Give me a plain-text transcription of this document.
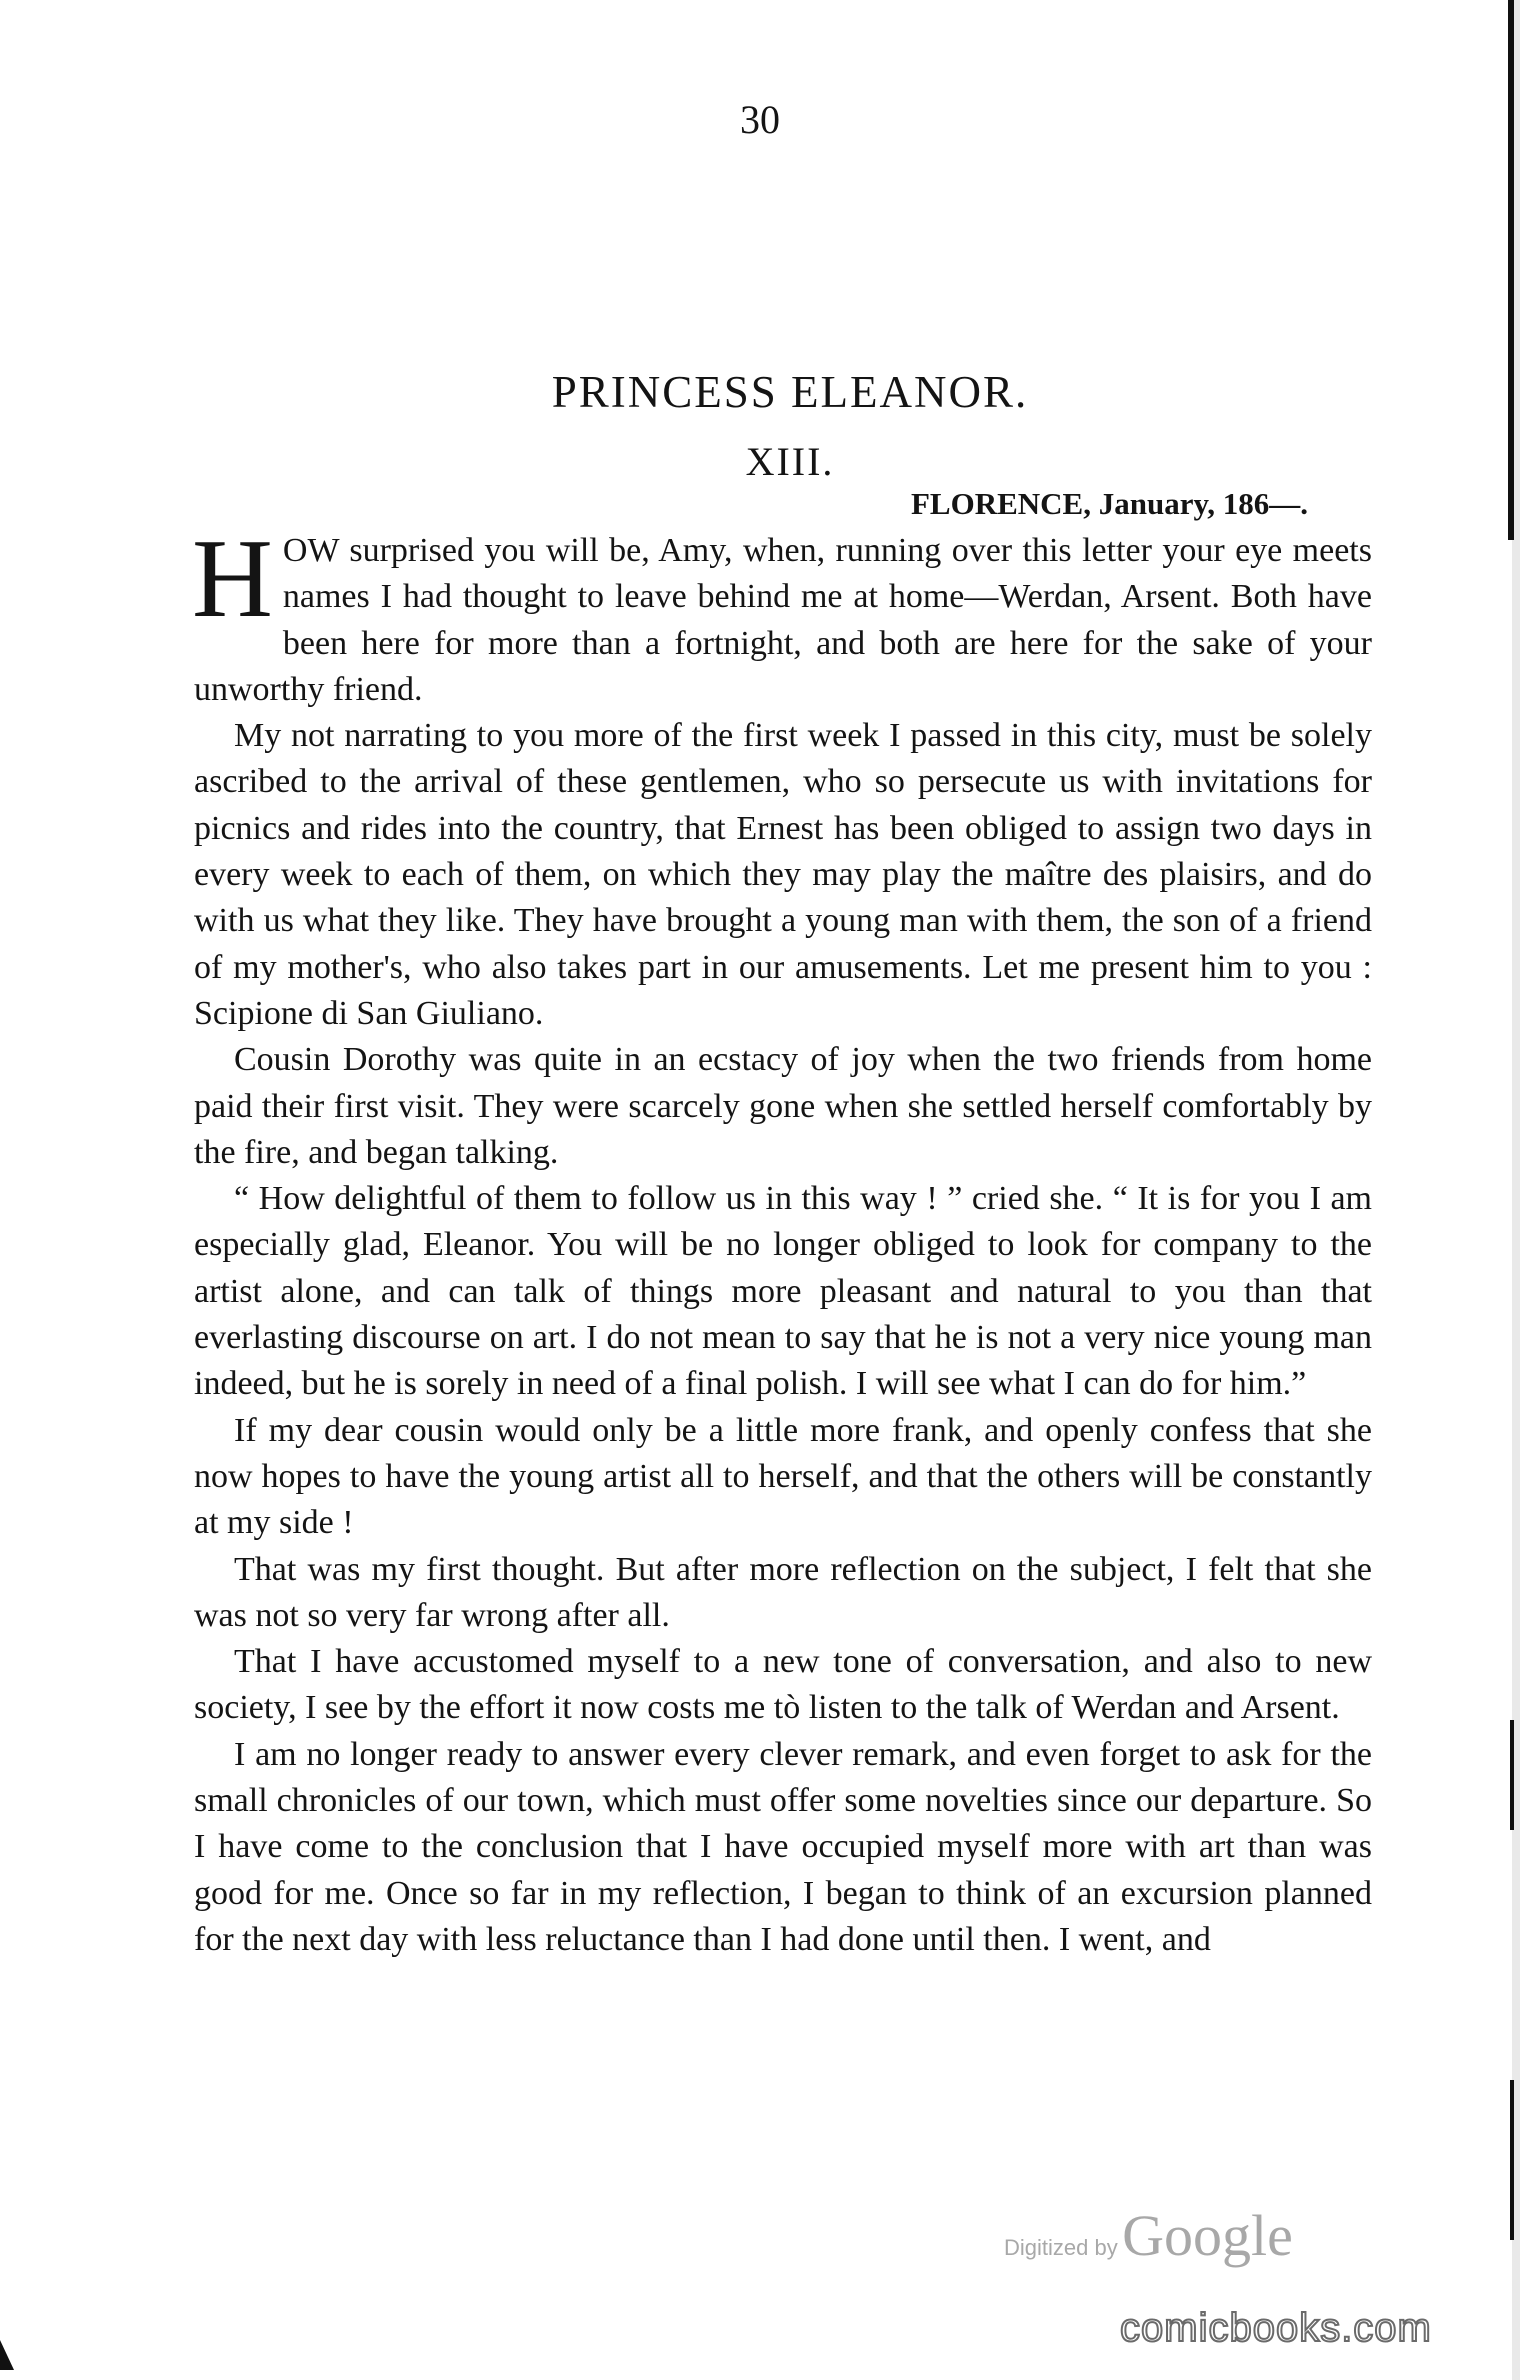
30
PRINCESS ELEANOR.
XIII.
FLORENCE, January, 186—.

HOW surprised you will be, Amy, when, running over this letter your eye meets names I had thought to leave behind me at home—Werdan, Arsent. Both have been here for more than a fortnight, and both are here for the sake of your unworthy friend.

My not narrating to you more of the first week I passed in this city, must be solely ascribed to the arrival of these gentlemen, who so persecute us with invitations for picnics and rides into the country, that Ernest has been obliged to assign two days in every week to each of them, on which they may play the maître des plaisirs, and do with us what they like. They have brought a young man with them, the son of a friend of my mother's, who also takes part in our amusements. Let me present him to you : Scipione di San Giuliano.

Cousin Dorothy was quite in an ecstacy of joy when the two friends from home paid their first visit. They were scarcely gone when she settled herself comfortably by the fire, and began talking.

“ How delightful of them to follow us in this way ! ” cried she. “ It is for you I am especially glad, Eleanor. You will be no longer obliged to look for company to the artist alone, and can talk of things more pleasant and natural to you than that everlasting discourse on art. I do not mean to say that he is not a very nice young man indeed, but he is sorely in need of a final polish. I will see what I can do for him.”

If my dear cousin would only be a little more frank, and openly confess that she now hopes to have the young artist all to herself, and that the others will be constantly at my side !

That was my first thought. But after more reflection on the subject, I felt that she was not so very far wrong after all.

That I have accustomed myself to a new tone of conversation, and also to new society, I see by the effort it now costs me tò listen to the talk of Werdan and Arsent.

I am no longer ready to answer every clever remark, and even forget to ask for the small chronicles of our town, which must offer some novelties since our departure. So I have come to the conclusion that I have occupied myself more with art than was good for me. Once so far in my reflection, I began to think of an excursion planned for the next day with less reluctance than I had done until then. I went, and

Digitized by Google
comicbooks.com
